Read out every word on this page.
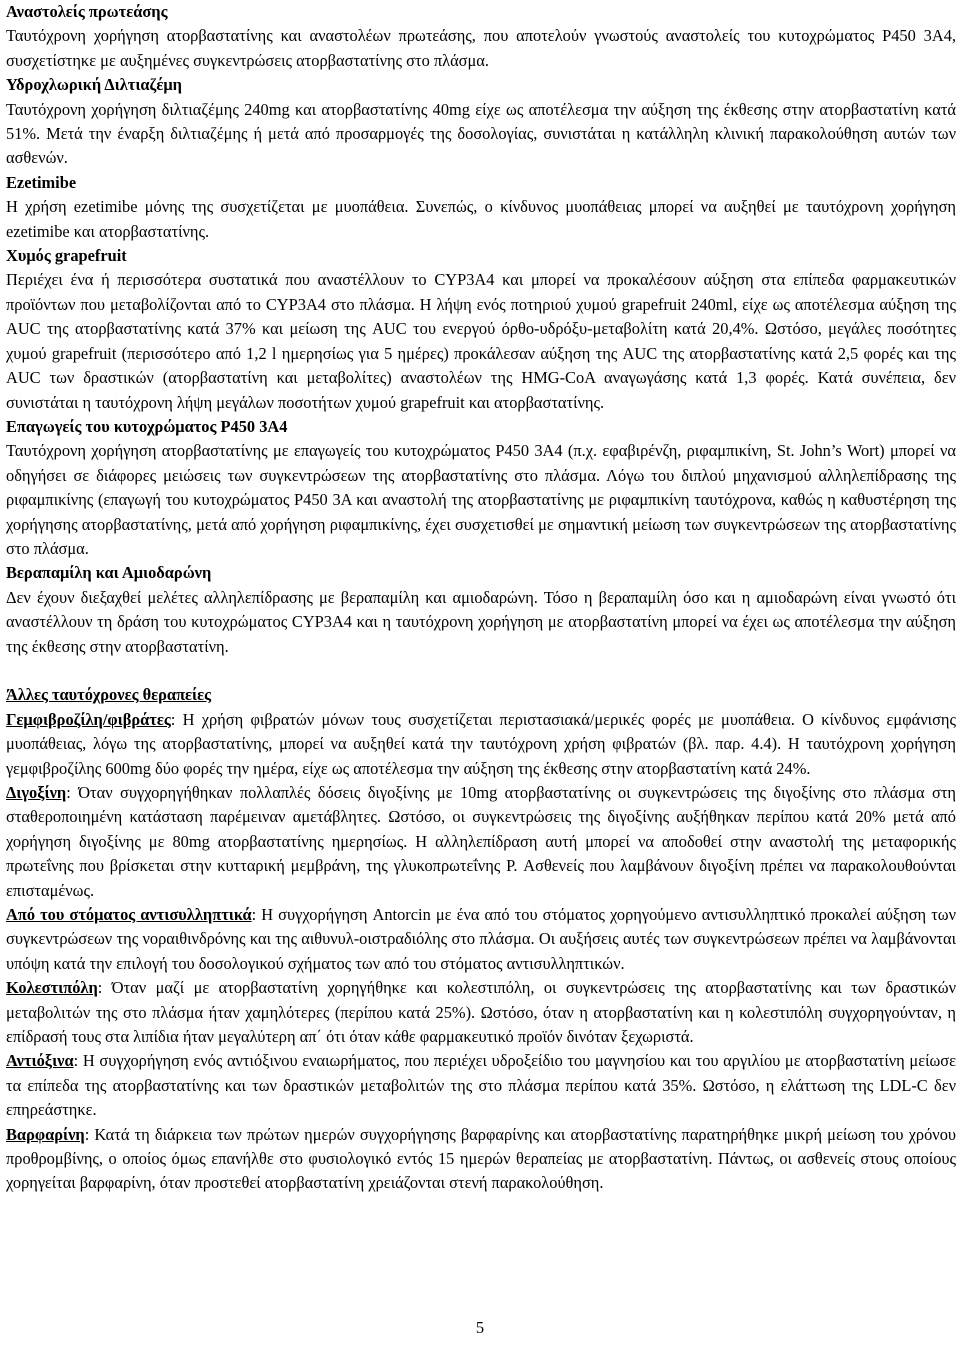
Αναστολείς πρωτεάσης

Ταυτόχρονη χορήγηση ατορβαστατίνης και αναστολέων πρωτεάσης, που αποτελούν γνωστούς αναστολείς του κυτοχρώματος P450 3A4, συσχετίστηκε με αυξημένες συγκεντρώσεις ατορβαστατίνης στο πλάσμα.

Υδροχλωρική Διλτιαζέμη

Ταυτόχρονη χορήγηση διλτιαζέμης 240mg και ατορβαστατίνης 40mg είχε ως αποτέλεσμα την αύξηση της έκθεσης στην ατορβαστατίνη κατά 51%. Μετά την έναρξη διλτιαζέμης ή μετά από προσαρμογές της δοσολογίας, συνιστάται η κατάλληλη κλινική παρακολούθηση αυτών των ασθενών.

Ezetimibe

Η χρήση ezetimibe μόνης της συσχετίζεται με μυοπάθεια. Συνεπώς, ο κίνδυνος μυοπάθειας μπορεί να αυξηθεί με ταυτόχρονη χορήγηση ezetimibe και ατορβαστατίνης.

Χυμός grapefruit

Περιέχει ένα ή περισσότερα συστατικά που αναστέλλουν το CYP3A4 και μπορεί να προκαλέσουν αύξηση στα επίπεδα φαρμακευτικών προϊόντων που μεταβολίζονται από το CYP3A4 στο πλάσμα. Η λήψη ενός ποτηριού χυμού grapefruit 240ml, είχε ως αποτέλεσμα αύξηση της AUC της ατορβαστατίνης κατά 37% και μείωση της AUC του ενεργού όρθο-υδρόξυ-μεταβολίτη κατά 20,4%. Ωστόσο, μεγάλες ποσότητες χυμού grapefruit (περισσότερο από 1,2 l ημερησίως για 5 ημέρες) προκάλεσαν αύξηση της AUC της ατορβαστατίνης κατά 2,5 φορές και της AUC των δραστικών (ατορβαστατίνη και μεταβολίτες) αναστολέων της HMG-CoA αναγωγάσης κατά 1,3 φορές. Κατά συνέπεια, δεν συνιστάται η ταυτόχρονη λήψη μεγάλων ποσοτήτων χυμού grapefruit και ατορβαστατίνης.

Επαγωγείς του κυτοχρώματος P450 3A4

Ταυτόχρονη χορήγηση ατορβαστατίνης με επαγωγείς του κυτοχρώματος P450 3A4 (π.χ. εφαβιρένζη, ριφαμπικίνη, St. John’s Wort) μπορεί να οδηγήσει σε διάφορες μειώσεις των συγκεντρώσεων της ατορβαστατίνης στο πλάσμα. Λόγω του διπλού μηχανισμού αλληλεπίδρασης της ριφαμπικίνης (επαγωγή του κυτοχρώματος P450 3A και αναστολή της ατορβαστατίνης με ριφαμπικίνη ταυτόχρονα, καθώς η καθυστέρηση της χορήγησης ατορβαστατίνης, μετά από χορήγηση ριφαμπικίνης, έχει συσχετισθεί με σημαντική μείωση των συγκεντρώσεων της ατορβαστατίνης στο πλάσμα.

Βεραπαμίλη και Αμιοδαρώνη

Δεν έχουν διεξαχθεί μελέτες αλληλεπίδρασης με βεραπαμίλη και αμιοδαρώνη. Τόσο η βεραπαμίλη όσο και η αμιοδαρώνη είναι γνωστό ότι αναστέλλουν τη δράση του κυτοχρώματος CYP3A4 και η ταυτόχρονη χορήγηση με ατορβαστατίνη μπορεί να έχει ως αποτέλεσμα την αύξηση της έκθεσης στην ατορβαστατίνη.

Άλλες ταυτόχρονες θεραπείες

Γεμφιβροζίλη/φιβράτες: Η χρήση φιβρατών μόνων τους συσχετίζεται περιστασιακά/μερικές φορές με μυοπάθεια. Ο κίνδυνος εμφάνισης μυοπάθειας, λόγω της ατορβαστατίνης, μπορεί να αυξηθεί κατά την ταυτόχρονη χρήση φιβρατών (βλ. παρ. 4.4). Η ταυτόχρονη χορήγηση γεμφιβροζίλης 600mg δύο φορές την ημέρα, είχε ως αποτέλεσμα την αύξηση της έκθεσης στην ατορβαστατίνη κατά 24%.

Διγοξίνη: Όταν συγχορηγήθηκαν πολλαπλές δόσεις διγοξίνης με 10mg ατορβαστατίνης οι συγκεντρώσεις της διγοξίνης στο πλάσμα στη σταθεροποιημένη κατάσταση παρέμειναν αμετάβλητες. Ωστόσο, οι συγκεντρώσεις της διγοξίνης αυξήθηκαν περίπου κατά 20% μετά από χορήγηση διγοξίνης με 80mg ατορβαστατίνης ημερησίως. Η αλληλεπίδραση αυτή μπορεί να αποδοθεί στην αναστολή της μεταφορικής πρωτεΐνης που βρίσκεται στην κυτταρική μεμβράνη, της γλυκοπρωτεΐνης P. Ασθενείς που λαμβάνουν διγοξίνη πρέπει να παρακολουθούνται επισταμένως.

Από του στόματος αντισυλληπτικά: Η συγχορήγηση Antorcin με ένα από του στόματος χορηγούμενο αντισυλληπτικό προκαλεί αύξηση των συγκεντρώσεων της νοραιθινδρόνης και της αιθυνυλ-οιστραδιόλης στο πλάσμα. Οι αυξήσεις αυτές των συγκεντρώσεων πρέπει να λαμβάνονται υπόψη κατά την επιλογή του δοσολογικού σχήματος των από του στόματος αντισυλληπτικών.

Κολεστιπόλη: Όταν μαζί με ατορβαστατίνη χορηγήθηκε και κολεστιπόλη, οι συγκεντρώσεις της ατορβαστατίνης και των δραστικών μεταβολιτών της στο πλάσμα ήταν χαμηλότερες (περίπου κατά 25%). Ωστόσο, όταν η ατορβαστατίνη και η κολεστιπόλη συγχορηγούνταν, η επίδρασή τους στα λιπίδια ήταν μεγαλύτερη απ΄ ότι όταν κάθε φαρμακευτικό προϊόν δινόταν ξεχωριστά.

Αντιόξινα: Η συγχορήγηση ενός αντιόξινου εναιωρήματος, που περιέχει υδροξείδιο του μαγνησίου και του αργιλίου με ατορβαστατίνη μείωσε τα επίπεδα της ατορβαστατίνης και των δραστικών μεταβολιτών της στο πλάσμα περίπου κατά 35%. Ωστόσο, η ελάττωση της LDL-C δεν επηρεάστηκε.

Βαρφαρίνη: Κατά τη διάρκεια των πρώτων ημερών συγχορήγησης βαρφαρίνης και ατορβαστατίνης παρατηρήθηκε μικρή μείωση του χρόνου προθρομβίνης, ο οποίος όμως επανήλθε στο φυσιολογικό εντός 15 ημερών θεραπείας με ατορβαστατίνη. Πάντως, οι ασθενείς στους οποίους χορηγείται βαρφαρίνη, όταν προστεθεί ατορβαστατίνη χρειάζονται στενή παρακολούθηση.

5
